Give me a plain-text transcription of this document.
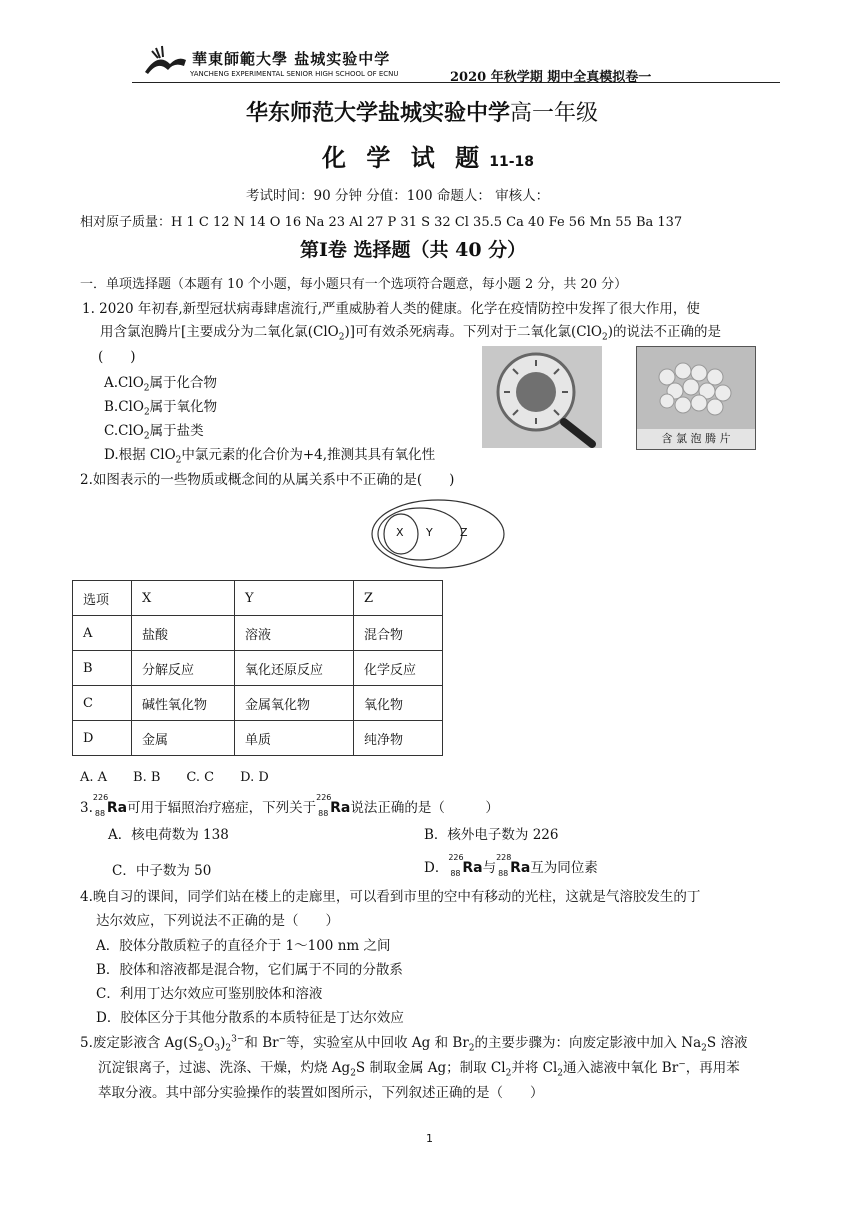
華東師範大學 盐城实验中学
YANCHENG EXPERIMENTAL SENIOR HIGH SCHOOL OF ECNU	2020 年秋学期 期中全真模拟卷一
华东师范大学盐城实验中学高一年级
化 学 试 题 11-18
考试时间：90 分钟 分值：100 命题人： 审核人：
相对原子质量：H 1 C 12 N 14 O 16 Na 23 Al 27 P 31 S 32 Cl 35.5 Ca 40 Fe 56 Mn 55 Ba 137
第Ⅰ卷 选择题（共 40 分）
一．单项选择题（本题有 10 个小题，每小题只有一个选项符合题意，每小题 2 分，共 20 分）
1. 2020 年初春,新型冠状病毒肆虐流行,严重威胁着人类的健康。化学在疫情防控中发挥了很大作用，使
用含氯泡腾片[主要成分为二氧化氯(ClO$_2$)]可有效杀死病毒。下列对于二氧化氯(ClO$_2$)的说法不正确的是
(　　)
A.ClO$_2$属于化合物
B.ClO$_2$属于氧化物
C.ClO$_2$属于盐类
D.根据 ClO$_2$中氯元素的化合价为+4,推测其具有氧化性
含 氯 泡 腾 片
2.如图表示的一些物质或概念间的从属关系中不正确的是(　　)
X Y Z
选项	X	Y	Z
A	盐酸	溶液	混合物
B	分解反应	氧化还原反应	化学反应
C	碱性氧化物	金属氧化物	氧化物
D	金属	单质	纯净物
A. A　　B. B　　C. C　　D. D
3.
226
88 Ra可用于辐照治疗癌症，下列关于
226
88 Ra说法正确的是（　　　）
A．核电荷数为 138	B．核外电子数为 226
C．中子数为 50	D．
226
88 Ra与
228
88 Ra互为同位素
4.晚自习的课间，同学们站在楼上的走廊里，可以看到市里的空中有移动的光柱，这就是气溶胶发生的丁
达尔效应，下列说法不正确的是（　　）
A．胶体分散质粒子的直径介于 1～100 nm 之间
B．胶体和溶液都是混合物，它们属于不同的分散系
C．利用丁达尔效应可鉴别胶体和溶液
D．胶体区分于其他分散系的本质特征是丁达尔效应
5.废定影液含 $Ag(S_2O_3)_2^{3-}$和 Br−等，实验室从中回收 Ag 和 $Br_2$的主要步骤为：向废定影液中加入 $Na_2S$ 溶液
沉淀银离子，过滤、洗涤、干燥，灼烧 $Ag_2S$ 制取金属 Ag；制取 $Cl_2$并将 $Cl_2$通入滤液中氧化 Br−，再用苯
萃取分液。其中部分实验操作的装置如图所示，下列叙述正确的是（　　）
1
